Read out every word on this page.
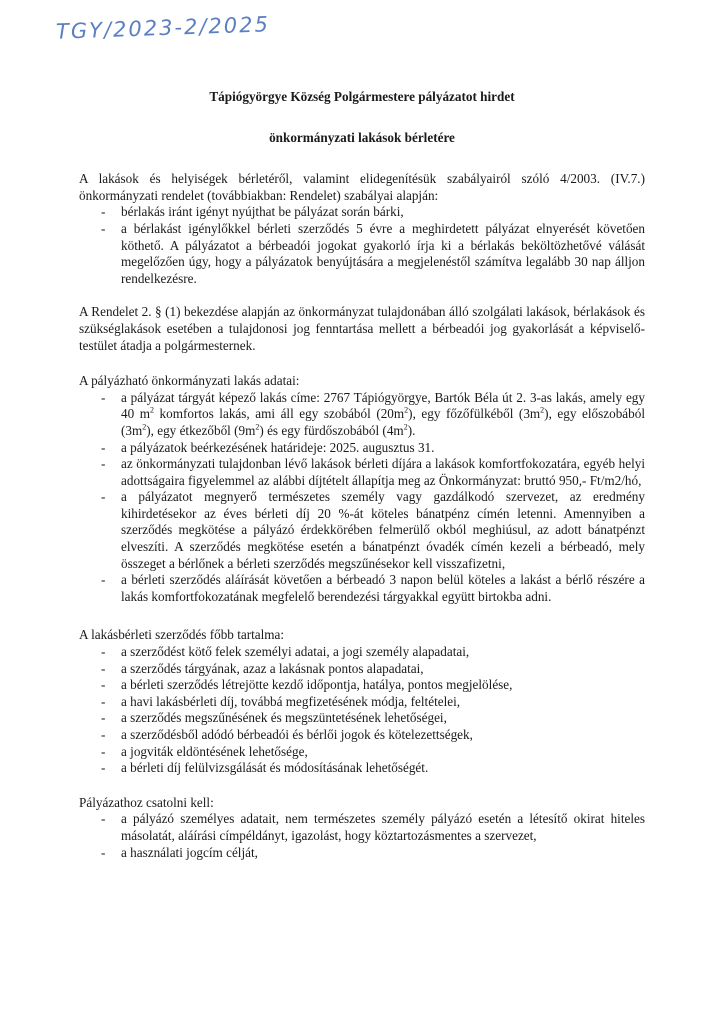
TGY/2023-2/2025

Tápiógyörgye Község Polgármestere pályázatot hirdet

önkormányzati lakások bérletére

A lakások és helyiségek bérletéről, valamint elidegenítésük szabályairól szóló 4/2003. (IV.7.) önkormányzati rendelet (továbbiakban: Rendelet) szabályai alapján:

- bérlakás iránt igényt nyújthat be pályázat során bárki,
- a bérlakást igénylőkkel bérleti szerződés 5 évre a meghirdetett pályázat elnyerését követően köthető. A pályázatot a bérbeadói jogokat gyakorló írja ki a bérlakás beköltözhetővé válását megelőzően úgy, hogy a pályázatok benyújtására a megjelenéstől számítva legalább 30 nap álljon rendelkezésre.

A Rendelet 2. § (1) bekezdése alapján az önkormányzat tulajdonában álló szolgálati lakások, bérlakások és szükséglakások esetében a tulajdonosi jog fenntartása mellett a bérbeadói jog gyakorlását a képviselő-testület átadja a polgármesternek.

A pályázható önkormányzati lakás adatai:

- a pályázat tárgyát képező lakás címe: 2767 Tápiógyörgye, Bartók Béla út 2. 3-as lakás, amely egy 40 $m^2$ komfortos lakás, ami áll egy szobából $(20m^2)$, egy főzőfülkéből $(3m^2)$, egy előszobából $(3m^2)$, egy étkezőből $(9m^2)$ és egy fürdőszobából $(4m^2)$.
- a pályázatok beérkezésének határideje: 2025. augusztus 31.
- az önkormányzati tulajdonban lévő lakások bérleti díjára a lakások komfortfokozatára, egyéb helyi adottságaira figyelemmel az alábbi díjtételt állapítja meg az Önkormányzat: bruttó 950,- Ft/m2/hó,
- a pályázatot megnyerő természetes személy vagy gazdálkodó szervezet, az eredmény kihirdetésekor az éves bérleti díj 20 %-át köteles bánatpénz címén letenni. Amennyiben a szerződés megkötése a pályázó érdekkörében felmerülő okból meghiúsul, az adott bánatpénzt elveszíti. A szerződés megkötése esetén a bánatpénzt óvadék címén kezeli a bérbeadó, mely összeget a bérlőnek a bérleti szerződés megszűnésekor kell visszafizetni,
- a bérleti szerződés aláírását követően a bérbeadó 3 napon belül köteles a lakást a bérlő részére a lakás komfortfokozatának megfelelő berendezési tárgyakkal együtt birtokba adni.

A lakásbérleti szerződés főbb tartalma:

- a szerződést kötő felek személyi adatai, a jogi személy alapadatai,
- a szerződés tárgyának, azaz a lakásnak pontos alapadatai,
- a bérleti szerződés létrejötte kezdő időpontja, hatálya, pontos megjelölése,
- a havi lakásbérleti díj, továbbá megfizetésének módja, feltételei,
- a szerződés megszűnésének és megszüntetésének lehetőségei,
- a szerződésből adódó bérbeadói és bérlői jogok és kötelezettségek,
- a jogviták eldöntésének lehetősége,
- a bérleti díj felülvizsgálását és módosításának lehetőségét.

Pályázathoz csatolni kell:

- a pályázó személyes adatait, nem természetes személy pályázó esetén a létesítő okirat hiteles másolatát, aláírási címpéldányt, igazolást, hogy köztartozásmentes a szervezet,
- a használati jogcím célját,
